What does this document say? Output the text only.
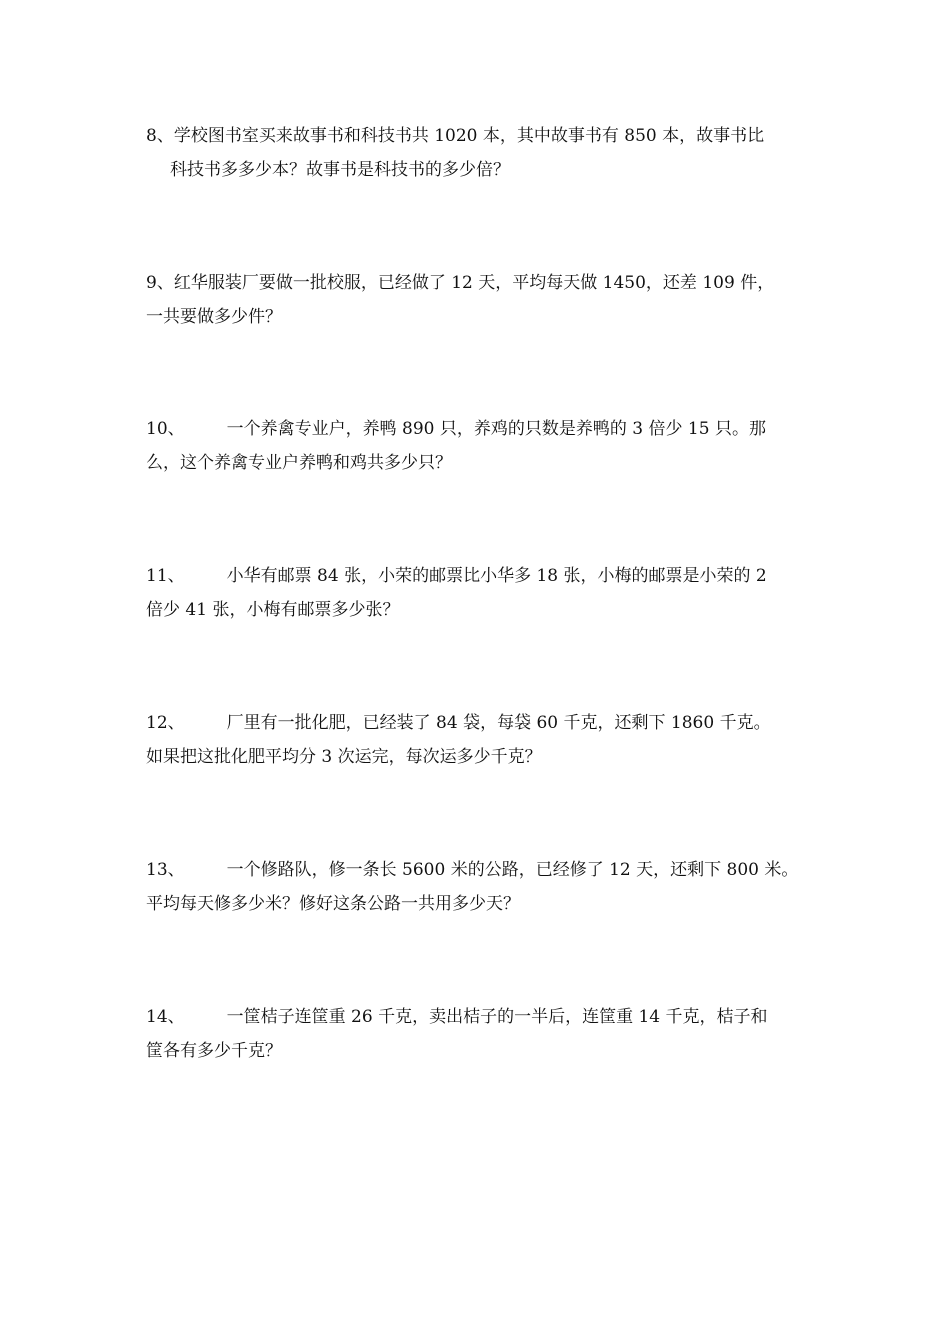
8、学校图书室买来故事书和科技书共 1020 本，其中故事书有 850 本，故事书比
科技书多多少本？故事书是科技书的多少倍？
9、红华服装厂要做一批校服，已经做了 12 天，平均每天做 1450，还差 109 件，
一共要做多少件？
10、 一个养禽专业户，养鸭 890 只，养鸡的只数是养鸭的 3 倍少 15 只。那
么，这个养禽专业户养鸭和鸡共多少只？
11、 小华有邮票 84 张，小荣的邮票比小华多 18 张，小梅的邮票是小荣的 2
倍少 41 张，小梅有邮票多少张？
12、 厂里有一批化肥，已经装了 84 袋，每袋 60 千克，还剩下 1860 千克。
如果把这批化肥平均分 3 次运完，每次运多少千克？
13、 一个修路队，修一条长 5600 米的公路，已经修了 12 天，还剩下 800 米。
平均每天修多少米？修好这条公路一共用多少天？
14、 一筐桔子连筐重 26 千克，卖出桔子的一半后，连筐重 14 千克，桔子和
筐各有多少千克？
